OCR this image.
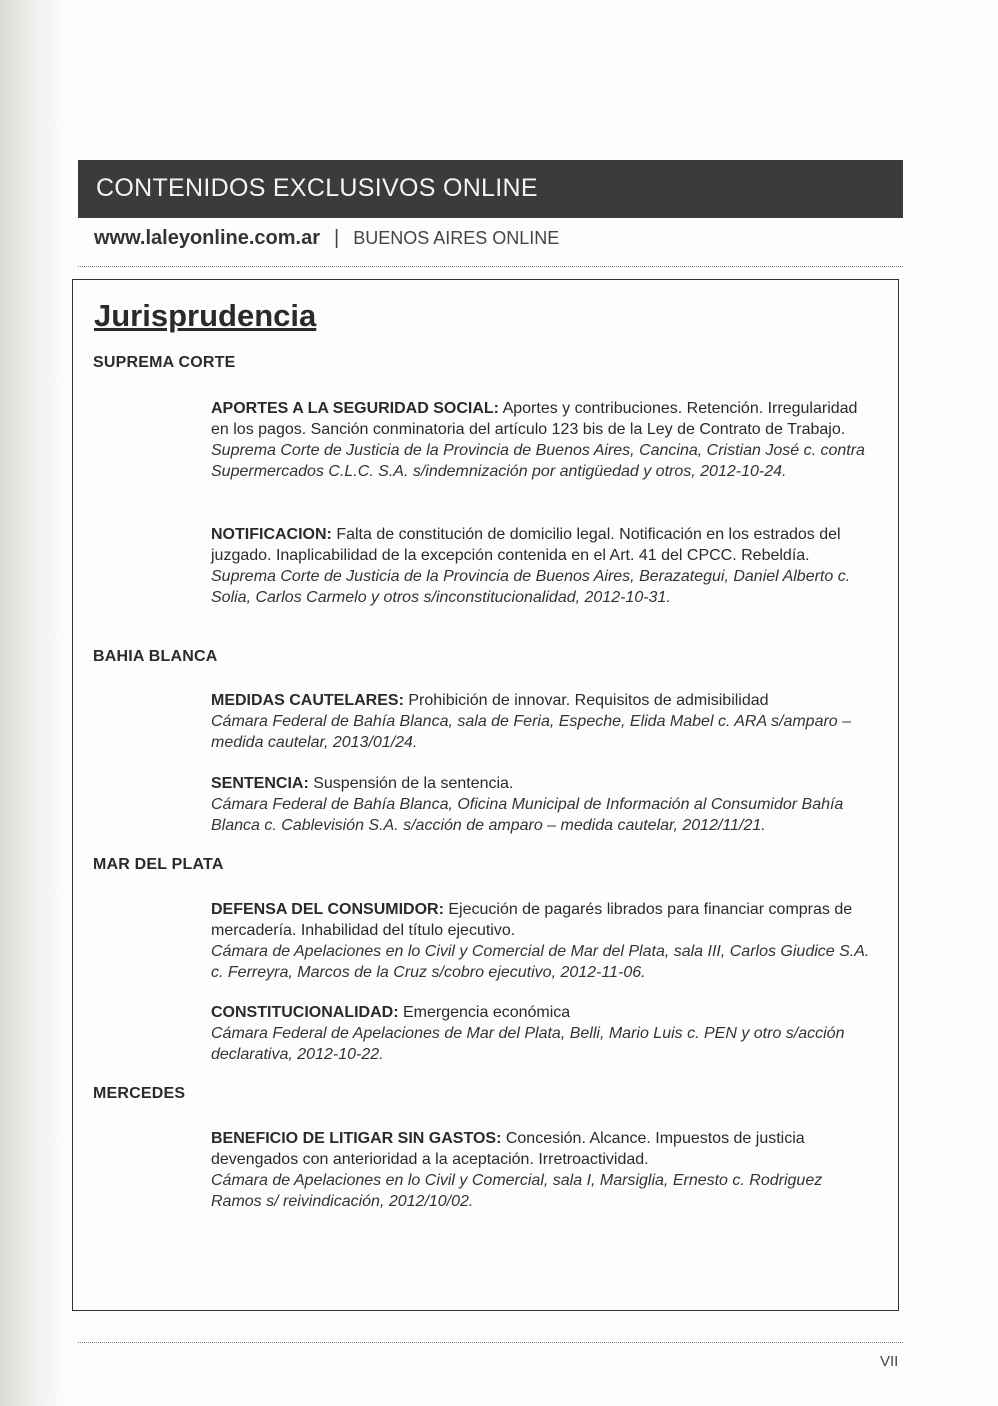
CONTENIDOS EXCLUSIVOS ONLINE
www.laleyonline.com.ar | BUENOS AIRES ONLINE
Jurisprudencia
SUPREMA CORTE
APORTES A LA SEGURIDAD SOCIAL: Aportes y contribuciones. Retención. Irregularidad en los pagos. Sanción conminatoria del artículo 123 bis de la Ley de Contrato de Trabajo.
Suprema Corte de Justicia de la Provincia de Buenos Aires, Cancina, Cristian José c. contra Supermercados C.L.C. S.A. s/indemnización por antigüedad y otros, 2012-10-24.
NOTIFICACION: Falta de constitución de domicilio legal. Notificación en los estrados del juzgado. Inaplicabilidad de la excepción contenida en el Art. 41 del CPCC. Rebeldía.
Suprema Corte de Justicia de la Provincia de Buenos Aires, Berazategui, Daniel Alberto c. Solia, Carlos Carmelo y otros s/inconstitucionalidad, 2012-10-31.
BAHIA BLANCA
MEDIDAS CAUTELARES: Prohibición de innovar. Requisitos de admisibilidad
Cámara Federal de Bahía Blanca, sala de Feria, Espeche, Elida Mabel c. ARA s/amparo – medida cautelar, 2013/01/24.
SENTENCIA: Suspensión de la sentencia.
Cámara Federal de Bahía Blanca, Oficina Municipal de Información al Consumidor Bahía Blanca c. Cablevisión S.A. s/acción de amparo – medida cautelar, 2012/11/21.
MAR DEL PLATA
DEFENSA DEL CONSUMIDOR: Ejecución de pagarés librados para financiar compras de mercadería. Inhabilidad del título ejecutivo.
Cámara de Apelaciones en lo Civil y Comercial de Mar del Plata, sala III, Carlos Giudice S.A. c. Ferreyra, Marcos de la Cruz s/cobro ejecutivo, 2012-11-06.
CONSTITUCIONALIDAD: Emergencia económica
Cámara Federal de Apelaciones de Mar del Plata, Belli, Mario Luis c. PEN y otro s/acción declarativa, 2012-10-22.
MERCEDES
BENEFICIO DE LITIGAR SIN GASTOS: Concesión. Alcance. Impuestos de justicia devengados con anterioridad a la aceptación. Irretroactividad.
Cámara de Apelaciones en lo Civil y Comercial, sala I, Marsiglia, Ernesto c. Rodriguez Ramos s/ reivindicación, 2012/10/02.
VII
